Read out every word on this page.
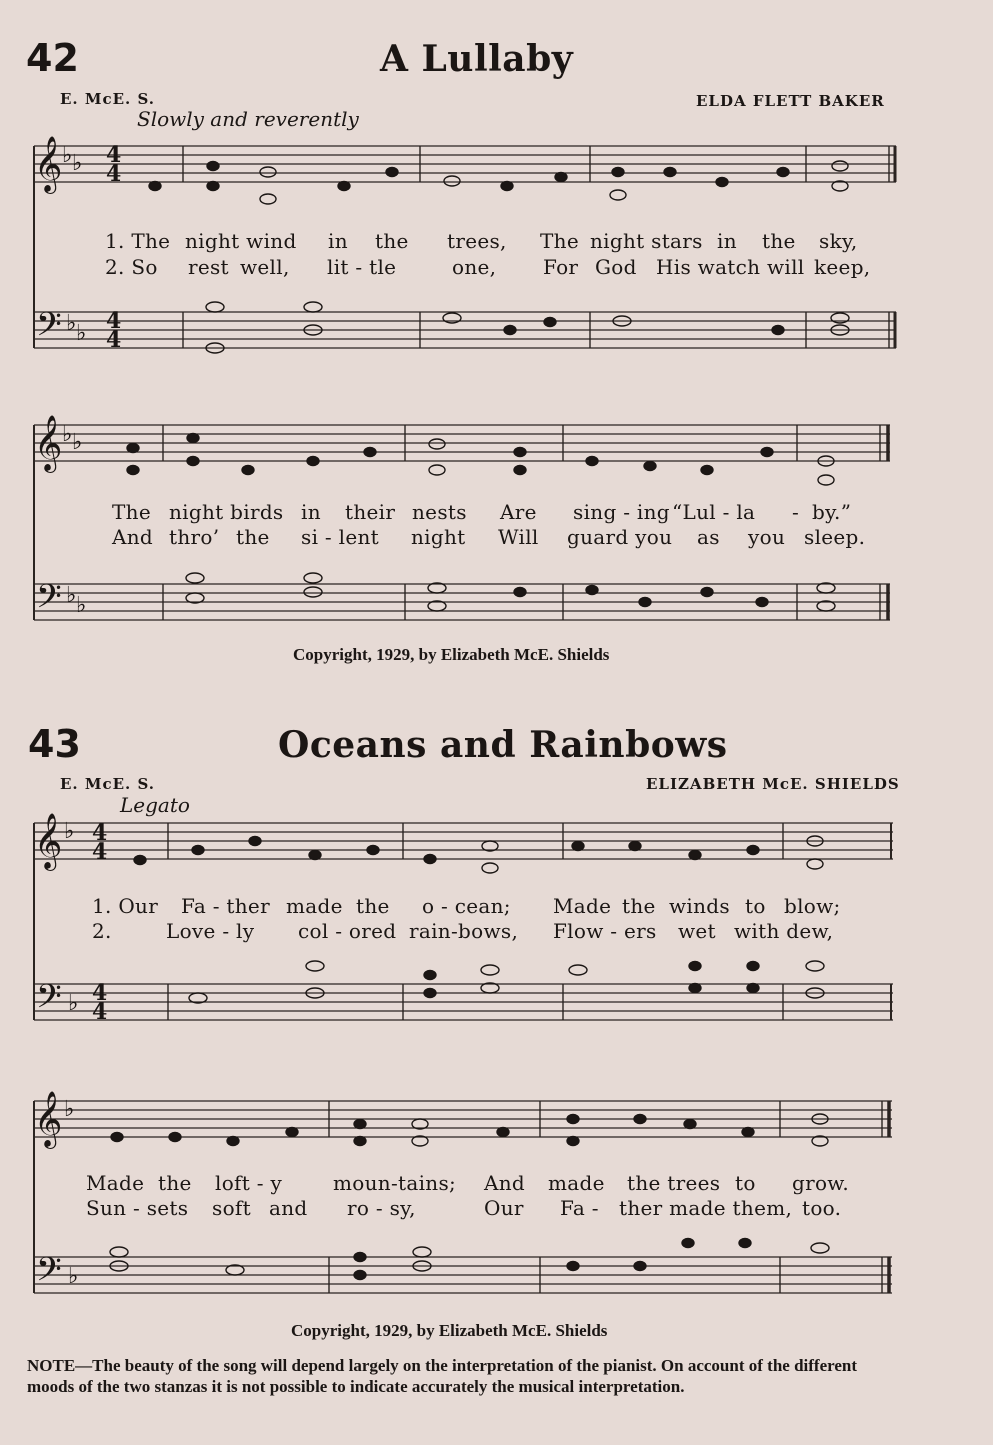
42	A Lullaby
E. McE. S.	ELDA FLETT BAKER
Slowly and reverently
𝄞 ♭ ♭ 4
4
𝄢 ♭ ♭ 4
4
𝄞 ♭ ♭
𝄢 ♭ ♭
𝄞 ♭ 4
4
𝄢 ♭ 4
4
𝄞 ♭
𝄢 ♭
1. The night wind in the trees, The night stars in the sky,
2. So rest well, lit - tle	one, For God His watch will keep,
The night birds in their nests Are sing - ing “Lul - la - by.”
And thro’ the si - lent night Will guard you as you sleep.
Copyright, 1929, by Elizabeth McE. Shields
43	Oceans and Rainbows
E. McE. S.	ELIZABETH McE. SHIELDS
Legato
1. Our Fa - ther made the o - cean; Made the winds to blow;
2.	Love - ly col - ored rain-bows, Flow - ers wet with dew,
Made the loft - y	moun-tains; And made the trees to grow.
Sun - sets soft and ro - sy,	Our Fa - ther made them, too.
Copyright, 1929, by Elizabeth McE. Shields
NOTE—The beauty of the song will depend largely on the interpretation of the pianist. On account of the different moods of the two stanzas it is not possible to indicate accurately the musical interpretation.
